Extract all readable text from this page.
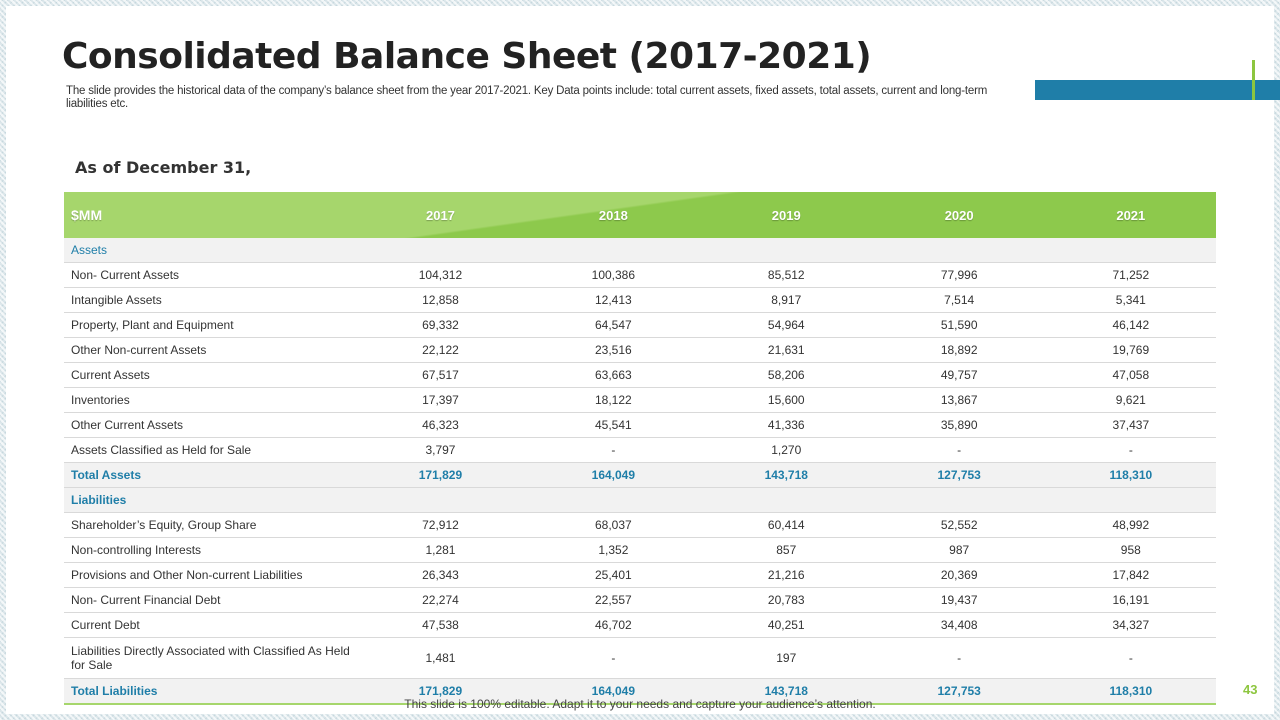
Consolidated Balance Sheet (2017-2021)

The slide provides the historical data of the company’s balance sheet from the year 2017-2021. Key Data points include: total current assets, fixed assets, total assets, current and long-term liabilities etc.

As of December 31,
$MM	2017	2018	2019	2020	2021
Assets					
Non- Current Assets	104,312	100,386	85,512	77,996	71,252
Intangible Assets	12,858	12,413	8,917	7,514	5,341
Property, Plant and Equipment	69,332	64,547	54,964	51,590	46,142
Other Non-current Assets	22,122	23,516	21,631	18,892	19,769
Current Assets	67,517	63,663	58,206	49,757	47,058
Inventories	17,397	18,122	15,600	13,867	9,621
Other Current Assets	46,323	45,541	41,336	35,890	37,437
Assets Classified as Held for Sale	3,797	-	1,270	-	-
Total Assets	171,829	164,049	143,718	127,753	118,310
Liabilities					
Shareholder’s Equity, Group Share	72,912	68,037	60,414	52,552	48,992
Non-controlling Interests	1,281	1,352	857	987	958
Provisions and Other Non-current Liabilities	26,343	25,401	21,216	20,369	17,842
Non- Current Financial Debt	22,274	22,557	20,783	19,437	16,191
Current Debt	47,538	46,702	40,251	34,408	34,327
Liabilities Directly Associated with Classified As Held for Sale	1,481	-	197	-	-
Total Liabilities	171,829	164,049	143,718	127,753	118,310	43
This slide is 100% editable. Adapt it to your needs and capture your audience’s attention.
